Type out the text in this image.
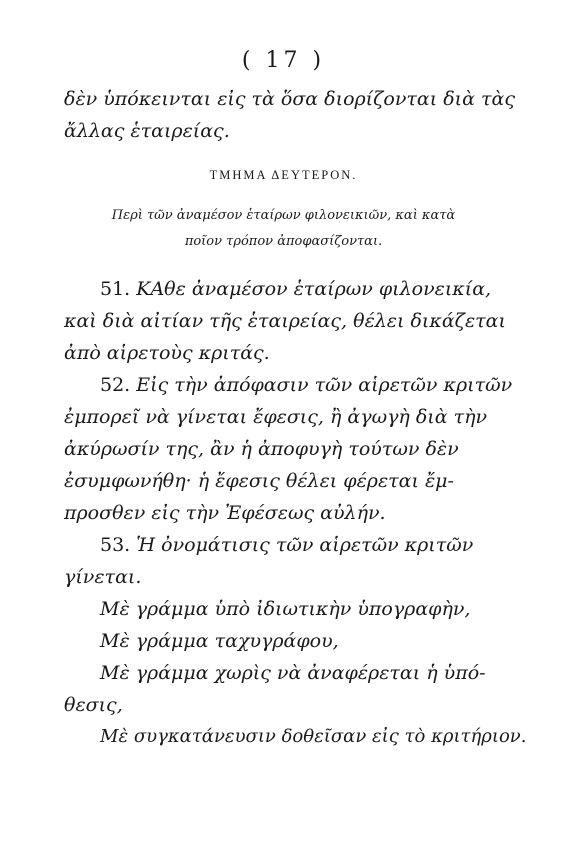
( 17 )
δὲν ὑπόκεινται εἰς τὰ ὅσα διορίζονται διὰ τὰς
ἄλλας ἑταιρείας.
ΤΜΗΜΑ ΔΕΥΤΕΡΟΝ.
Περὶ τῶν ἀναμέσον ἑταίρων φιλονεικιῶν, καὶ κατὰ
ποῖον τρόπον ἀποφασίζονται.
51. ΚΑθε ἀναμέσον ἑταίρων φιλονεικία,
καὶ διὰ αἰτίαν τῆς ἑταιρείας, θέλει δικάζεται
ἀπὸ αἱρετοὺς κριτάς.
52. Εἰς τὴν ἀπόφασιν τῶν αἱρετῶν κριτῶν
ἐμπορεῖ νὰ γίνεται ἔφεσις, ἢ ἀγωγὴ διὰ τὴν
ἀκύρωσίν της, ἂν ἡ ἀποφυγὴ τούτων δὲν
ἐσυμφωνήθη· ἡ ἔφεσις θέλει φέρεται ἔμ-
προσθεν εἰς τὴν Ἐφέσεως αὐλήν.
53. Ἡ ὀνομάτισις τῶν αἱρετῶν κριτῶν
γίνεται.
Μὲ γράμμα ὑπὸ ἰδιωτικὴν ὑπογραφὴν,
Μὲ γράμμα ταχυγράφου,
Μὲ γράμμα χωρὶς νὰ ἀναφέρεται ἡ ὑπό-
θεσις,
Μὲ συγκατάνευσιν δοθεῖσαν εἰς τὸ κριτήριον.
